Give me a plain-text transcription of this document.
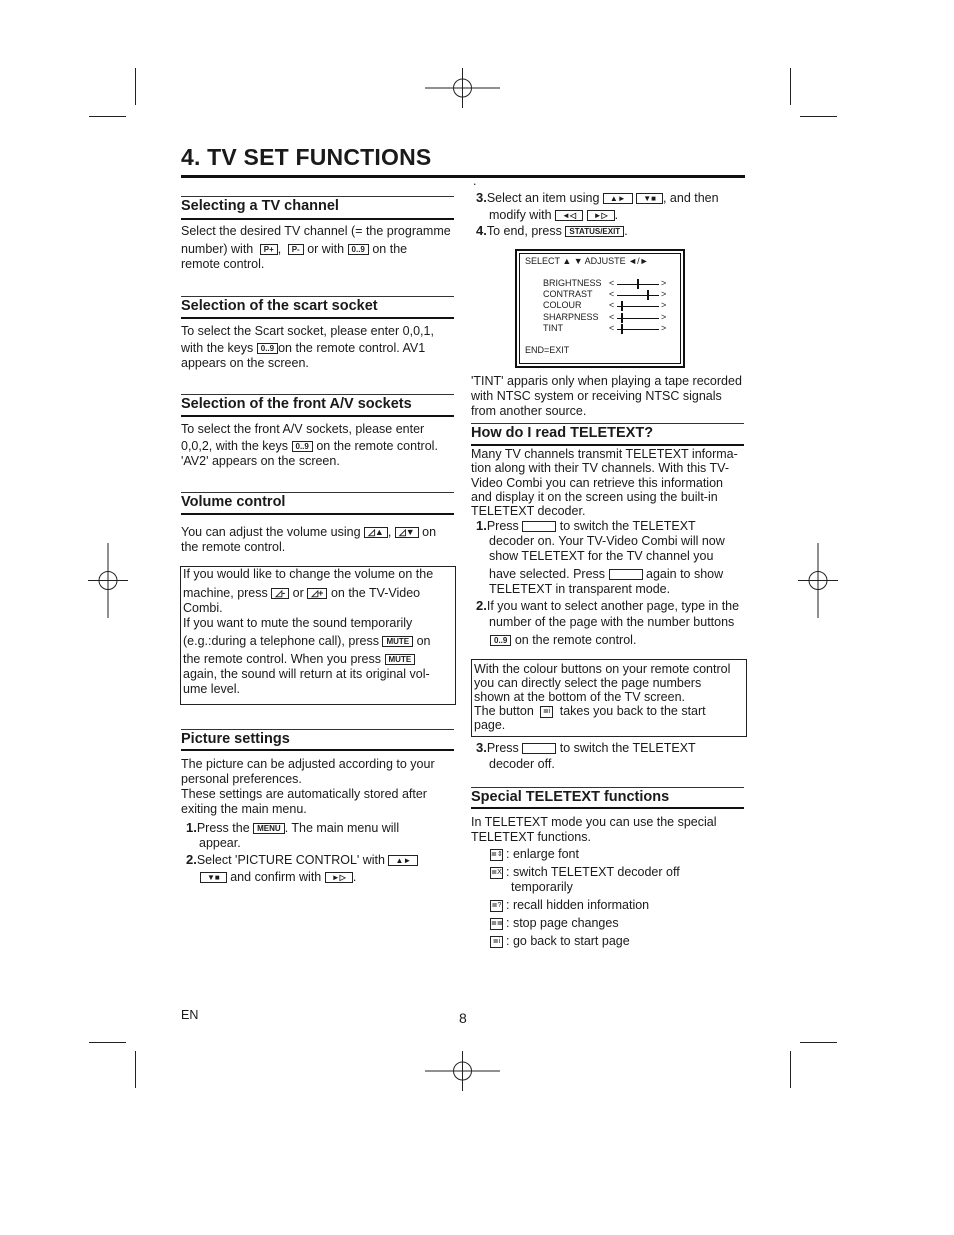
4. TV SET FUNCTIONS
Selecting a TV channel
Select the desired TV channel (= the programme
number) with P+ , P- or with 0..9 on the
remote control.
Selection of the scart socket
To select the Scart socket, please enter 0,0,1,
with the keys 0..9 on the remote control. AV1
appears on the screen.
Selection of the front A/V sockets
To select the front A/V sockets, please enter
0,0,2, with the keys 0..9 on the remote control.
'AV2' appears on the screen.
Volume control
You can adjust the volume using ◿▲ , ◿▼ on
the remote control.
If you would like to change the volume on the
machine, press ◿- or ◿+ on the TV-Video
Combi.
If you want to mute the sound temporarily
(e.g.:during a telephone call), press MUTE on
the remote control. When you press MUTE
again, the sound will return at its original vol-
ume level.
Picture settings
The picture can be adjusted according to your
personal preferences.
These settings are automatically stored after
exiting the main menu.
1.Press the MENU . The main menu will
appear.
2.Select 'PICTURE CONTROL' with ▲►
▼■ and confirm with ►▷ .
EN
.
3.Select an item using ▲► ▼■ , and then
modify with ◄◁ ►▷ .
4.To end, press STATUS/EXIT .
SELECT ▲ ▼ ADJUSTE ◄/►
BRIGHTNESS <	>
CONTRAST <	>
COLOUR	<	>
SHARPNESS <	>
TINT	<	>
END=EXIT
'TINT' apparis only when playing a tape recorded
with NTSC system or receiving NTSC signals
from another source.
How do I read TELETEXT?
Many TV channels transmit TELETEXT informa-
tion along with their TV channels. With this TV-
Video Combi you can retrieve this information
and display it on the screen using the built-in
TELETEXT decoder.
1.Press	to switch the TELETEXT
decoder on. Your TV-Video Combi will now
show TELETEXT for the TV channel you
have selected. Press	again to show
TELETEXT in transparent mode.
2.If you want to select another page, type in the
number of the page with the number buttons
0..9 on the remote control.
With the colour buttons on your remote control
you can directly select the page numbers
shown at the bottom of the TV screen.
The button ≣i takes you back to the start
page.
3.Press	to switch the TELETEXT
decoder off.
Special TELETEXT functions
In TELETEXT mode you can use the special
TELETEXT functions.
≣⇕ : enlarge font
≣X : switch TELETEXT decoder off
temporarily
≣? : recall hidden information
≣≣ : stop page changes
≣i : go back to start page
8
